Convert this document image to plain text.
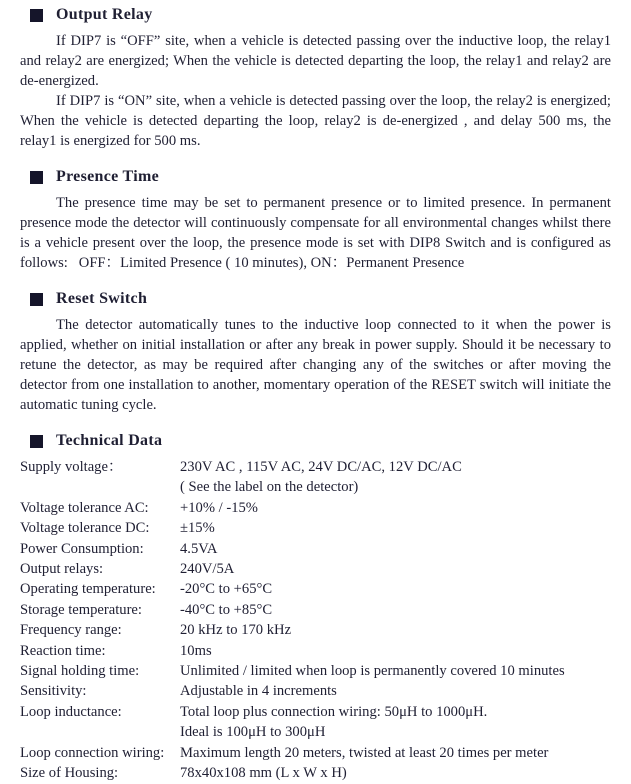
Output Relay

If DIP7 is “OFF” site, when a vehicle is detected passing over the inductive loop, the relay1 and relay2 are energized; When the vehicle is detected departing the loop, the relay1 and relay2 are de-energized.

If DIP7 is “ON” site, when a vehicle is detected passing over the loop, the relay2 is energized; When the vehicle is detected departing the loop, relay2 is de-energized , and delay 500 ms, the relay1 is energized for 500 ms.

Presence Time

The presence time may be set to permanent presence or to limited presence. In permanent presence mode the detector will continuously compensate for all environmental changes whilst there is a vehicle present over the loop, the presence mode is set with DIP8 Switch and is configured as follows:   OFF：Limited Presence ( 10 minutes), ON：Permanent Presence

Reset Switch

The detector automatically tunes to the inductive loop connected to it when the power is applied, whether on initial installation or after any break in power supply. Should it be necessary to retune the detector, as may be required after changing any of the switches or after moving the detector from one installation to another, momentary operation of the RESET switch will initiate the automatic tuning cycle.

Technical Data
Supply voltage：	230V AC , 115V AC, 24V DC/AC, 12V DC/AC
( See the label on the detector)
Voltage tolerance AC:	+10% / -15%
Voltage tolerance DC:	±15%
Power Consumption:	4.5VA
Output relays:	240V/5A
Operating temperature:	-20°C to +65°C
Storage temperature:	-40°C to +85°C
Frequency range:	20 kHz to 170 kHz
Reaction time:	10ms
Signal holding time:	Unlimited / limited when loop is permanently covered 10 minutes
Sensitivity:	Adjustable in 4 increments
Loop inductance:	Total loop plus connection wiring: 50μH to 1000μH.
Ideal is 100μH to 300μH
Loop connection wiring:	Maximum length 20 meters, twisted at least 20 times per meter
Size of Housing:	78x40x108 mm (L x W x H)
